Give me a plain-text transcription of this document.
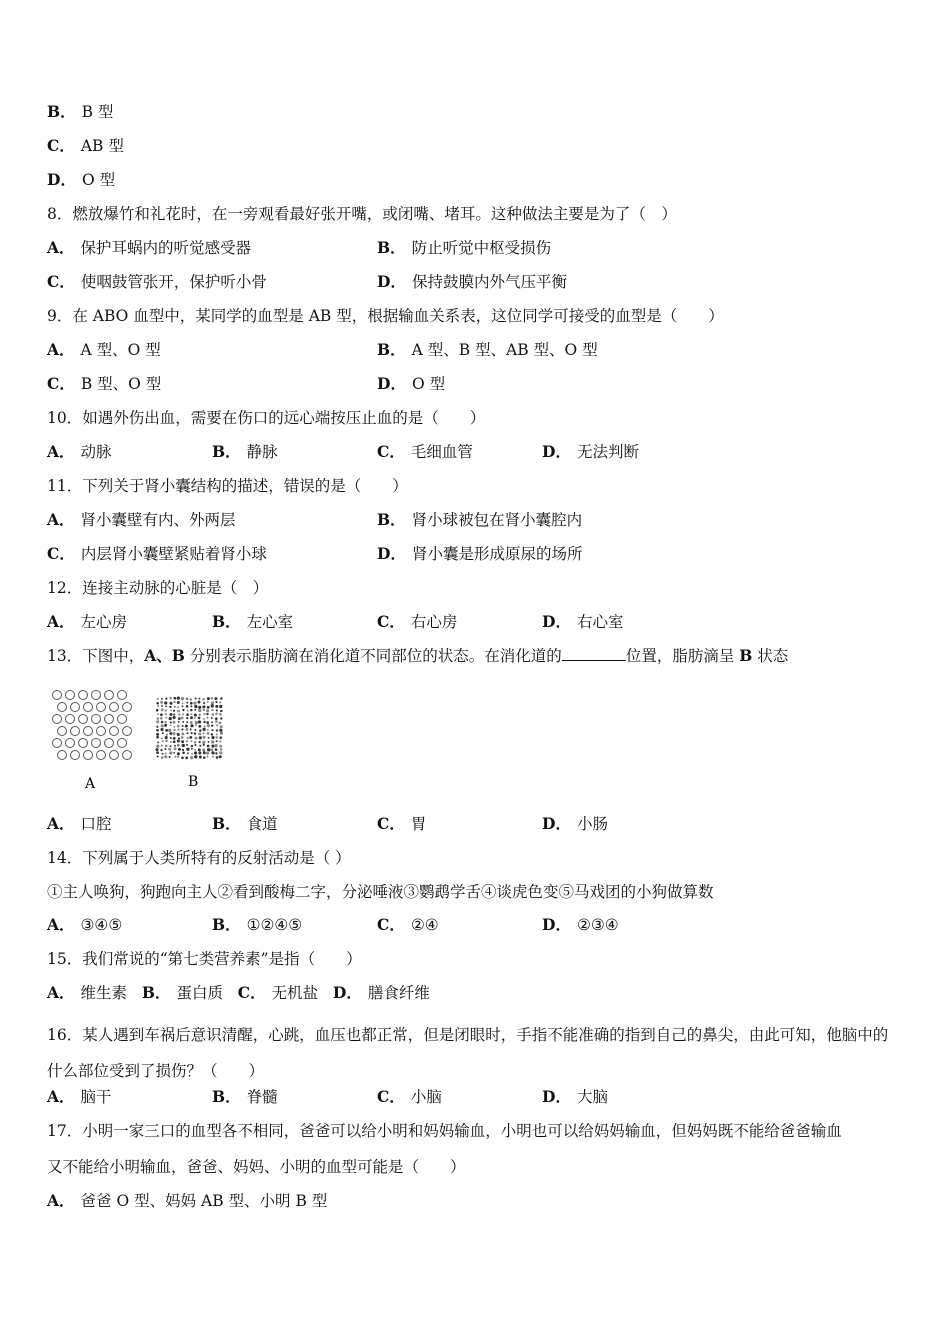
B． B 型
C． AB 型
D． O 型
8．燃放爆竹和礼花时，在一旁观看最好张开嘴，或闭嘴、堵耳。这种做法主要是为了（　）
A． 保护耳蜗内的听觉感受器	B． 防止听觉中枢受损伤
C． 使咽鼓管张开，保护听小骨	D． 保持鼓膜内外气压平衡
9．在 ABO 血型中，某同学的血型是 AB 型，根据输血关系表，这位同学可接受的血型是（　　）
A． A 型、O 型	B． A 型、B 型、AB 型、O 型
C． B 型、O 型	D． O 型
10．如遇外伤出血，需要在伤口的远心端按压止血的是（　　）
A． 动脉	B． 静脉	C． 毛细血管	D． 无法判断
11．下列关于肾小囊结构的描述，错误的是（　　）
A． 肾小囊壁有内、外两层	B． 肾小球被包在肾小囊腔内
C． 内层肾小囊壁紧贴着肾小球	D． 肾小囊是形成原尿的场所
12．连接主动脉的心脏是（　）
A． 左心房	B． 左心室	C． 右心房	D． 右心室
13．下图中，A、B 分别表示脂肪滴在消化道不同部位的状态。在消化道的	位置，脂肪滴呈 B 状态
A	B
A． 口腔	B． 食道	C． 胃	D． 小肠
14．下列属于人类所特有的反射活动是（ ）
①主人唤狗，狗跑向主人②看到酸梅二字，分泌唾液③鹦鹉学舌④谈虎色变⑤马戏团的小狗做算数
A． ③④⑤	B． ①②④⑤	C． ②④	D． ②③④
15．我们常说的“第七类营养素”是指（　　）
A． 维生素 B． 蛋白质 C． 无机盐 D． 膳食纤维
16．某人遇到车祸后意识清醒，心跳，血压也都正常，但是闭眼时，手指不能准确的指到自己的鼻尖，由此可知，他脑中的什么部位受到了损伤？（　　）
A． 脑干	B． 脊髓	C． 小脑	D． 大脑
17．小明一家三口的血型各不相同，爸爸可以给小明和妈妈输血，小明也可以给妈妈输血，但妈妈既不能给爸爸输血
又不能给小明输血，爸爸、妈妈、小明的血型可能是（　　）
A． 爸爸 O 型、妈妈 AB 型、小明 B 型
